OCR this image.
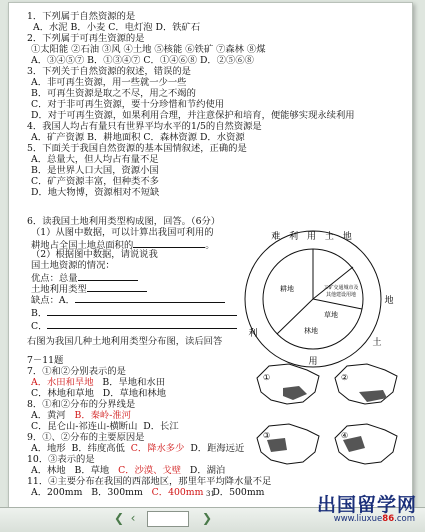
1．下列属于自然资源的是
A．水泥 B．小麦 C．电灯泡 D．铁矿石
2．下列属于可再生资源的是
①太阳能 ②石油 ③风 ④土地 ⑤核能 ⑥铁矿 ⑦森林 ⑧煤
A．③④⑤⑦ B．①③④⑦ C．①④⑥⑧ D．②⑤⑥⑧
3．下列关于自然资源的叙述，错误的是
A．非可再生资源，用一些就一少一些
B．可再生资源是取之不尽，用之不竭的
C．对于非可再生资源，要十分珍惜和节约使用
D．对于可再生资源，如果利用合理，并注意保护和培育，便能够实现永续利用
4．我国人均占有量只有世界平均水平的1/5的自然资源是
A．矿产资源 B．耕地面积 C．森林资源 D．水资源
5．下面关于我国自然资源的基本国情叙述，正确的是
A．总量大，但人均占有量不足
B．是世界人口大国，资源小国
C．矿产资源丰富，但种类不多
D．地大物博，资源相对不短缺
6．读我国土地利用类型构成图，回答。（6分）
（1）从图中数据，可以计算出我国可利用的
耕地占全国土地总面积的	。
（2）根据图中数据，请说说我
国土地资源的情况：
优点：总量
土地利用类型
缺点：A．
B．
C．
右图为我国几种土地利用类型分布图，读后回答
7－11题
7．①和②分别表示的是
A．水田和旱地 B．旱地和水田
C．林地和草地 D．草地和林地
8．①和②分布的分界线是
A．黄河 B．秦岭-淮河
C．昆仑山-祁连山-横断山 D．长江
9．①、②分布的主要原因是
A．地形 B．纬度高低 C．降水多少 D．距海远近
10．③表示的是
A．林地 B．草地 C．沙漠、戈壁 D．湖泊
11．④主要分布在我国的西部地区，那里年平均降水量不足
A．200mm B．300mm C．400mm D．500mm
难 利 用 土 地
地
土
用
利
耕地	工矿交通城市及
其他建设用地
林地
草地
①	②
③	④
31
❮ ‹	❯
出国留学网
www.liuxue86.com
